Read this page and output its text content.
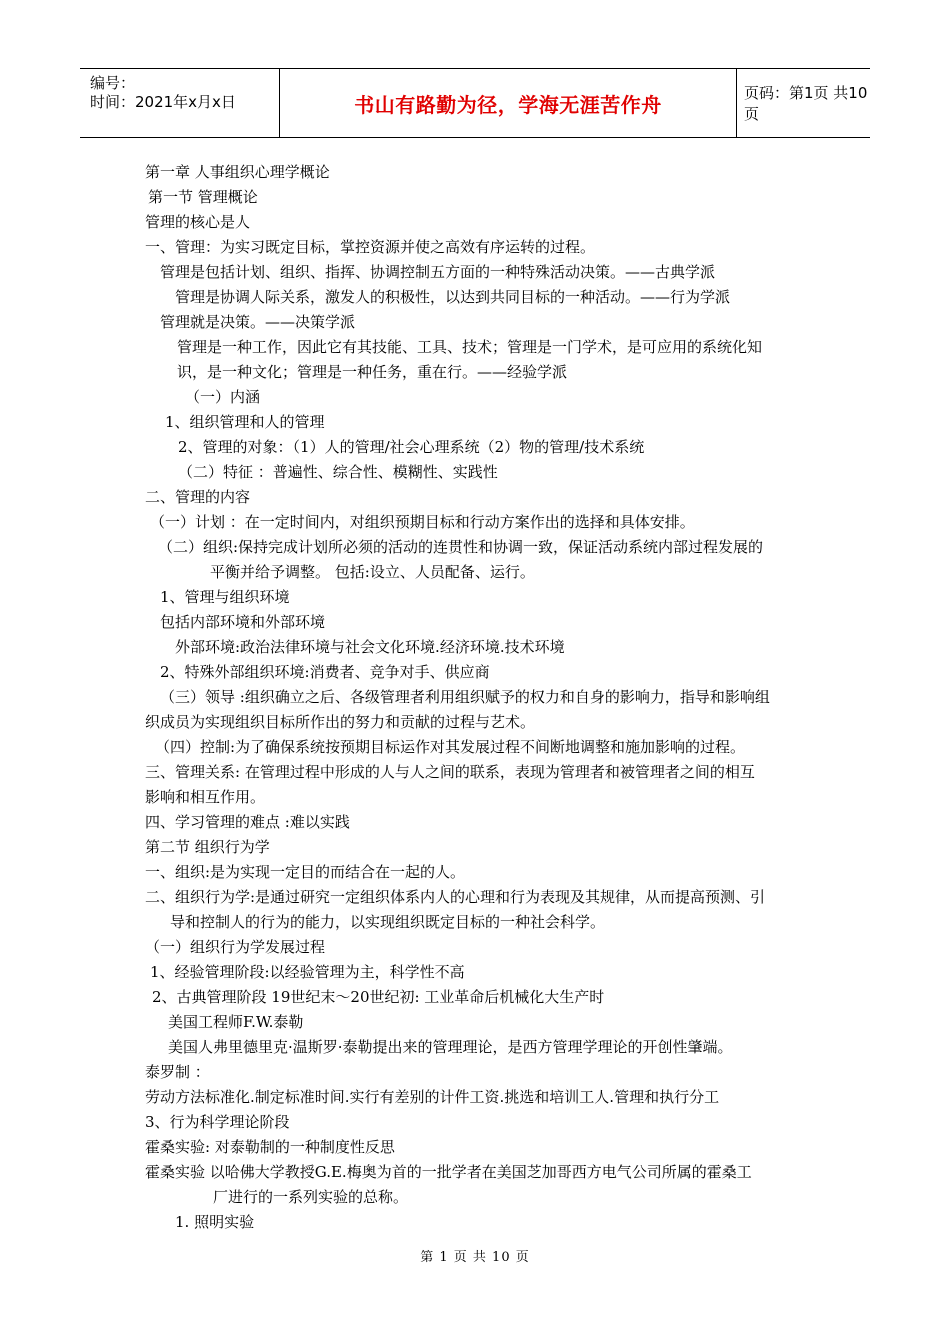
编号：
时间：2021年x月x日	书山有路勤为径，学海无涯苦作舟	页码：第1页 共10页
第一章 人事组织心理学概论
第一节 管理概论
管理的核心是人
一、管理：为实习既定目标，掌控资源并使之高效有序运转的过程。
管理是包括计划、组织、指挥、协调控制五方面的一种特殊活动决策。——古典学派
管理是协调人际关系，激发人的积极性，以达到共同目标的一种活动。——行为学派
管理就是决策。——决策学派
管理是一种工作，因此它有其技能、工具、技术；管理是一门学术，是可应用的系统化知
识，是一种文化；管理是一种任务，重在行。——经验学派
（一）内涵
1、组织管理和人的管理
2、管理的对象：（1）人的管理/社会心理系统（2）物的管理/技术系统
（二）特征 ：普遍性、综合性、模糊性、实践性
二、管理的内容
（一）计划 ：在一定时间内，对组织预期目标和行动方案作出的选择和具体安排。
（二）组织:保持完成计划所必须的活动的连贯性和协调一致，保证活动系统内部过程发展的
平衡并给予调整。 包括:设立、人员配备、运行。
1、管理与组织环境
包括内部环境和外部环境
外部环境:政治法律环境与社会文化环境.经济环境.技术环境
2、特殊外部组织环境:消费者、竞争对手、供应商
（三）领导 :组织确立之后、各级管理者利用组织赋予的权力和自身的影响力，指导和影响组
织成员为实现组织目标所作出的努力和贡献的过程与艺术。
（四）控制:为了确保系统按预期目标运作对其发展过程不间断地调整和施加影响的过程。
三、管理关系: 在管理过程中形成的人与人之间的联系，表现为管理者和被管理者之间的相互
影响和相互作用。
四、学习管理的难点 :难以实践
第二节 组织行为学
一、组织:是为实现一定目的而结合在一起的人。
二、组织行为学:是通过研究一定组织体系内人的心理和行为表现及其规律，从而提高预测、引
导和控制人的行为的能力，以实现组织既定目标的一种社会科学。
（一）组织行为学发展过程
1、经验管理阶段:以经验管理为主，科学性不高
2、古典管理阶段 19世纪末～20世纪初: 工业革命后机械化大生产时
美国工程师F.W.泰勒
美国人弗里德里克·温斯罗·泰勒提出来的管理理论，是西方管理学理论的开创性肇端。
泰罗制 ：
劳动方法标准化.制定标准时间.实行有差别的计件工资.挑选和培训工人.管理和执行分工
3、行为科学理论阶段
霍桑实验: 对泰勒制的一种制度性反思
霍桑实验 以哈佛大学教授G.E.梅奥为首的一批学者在美国芝加哥西方电气公司所属的霍桑工
厂进行的一系列实验的总称。
1. 照明实验
第 1 页 共 10 页
